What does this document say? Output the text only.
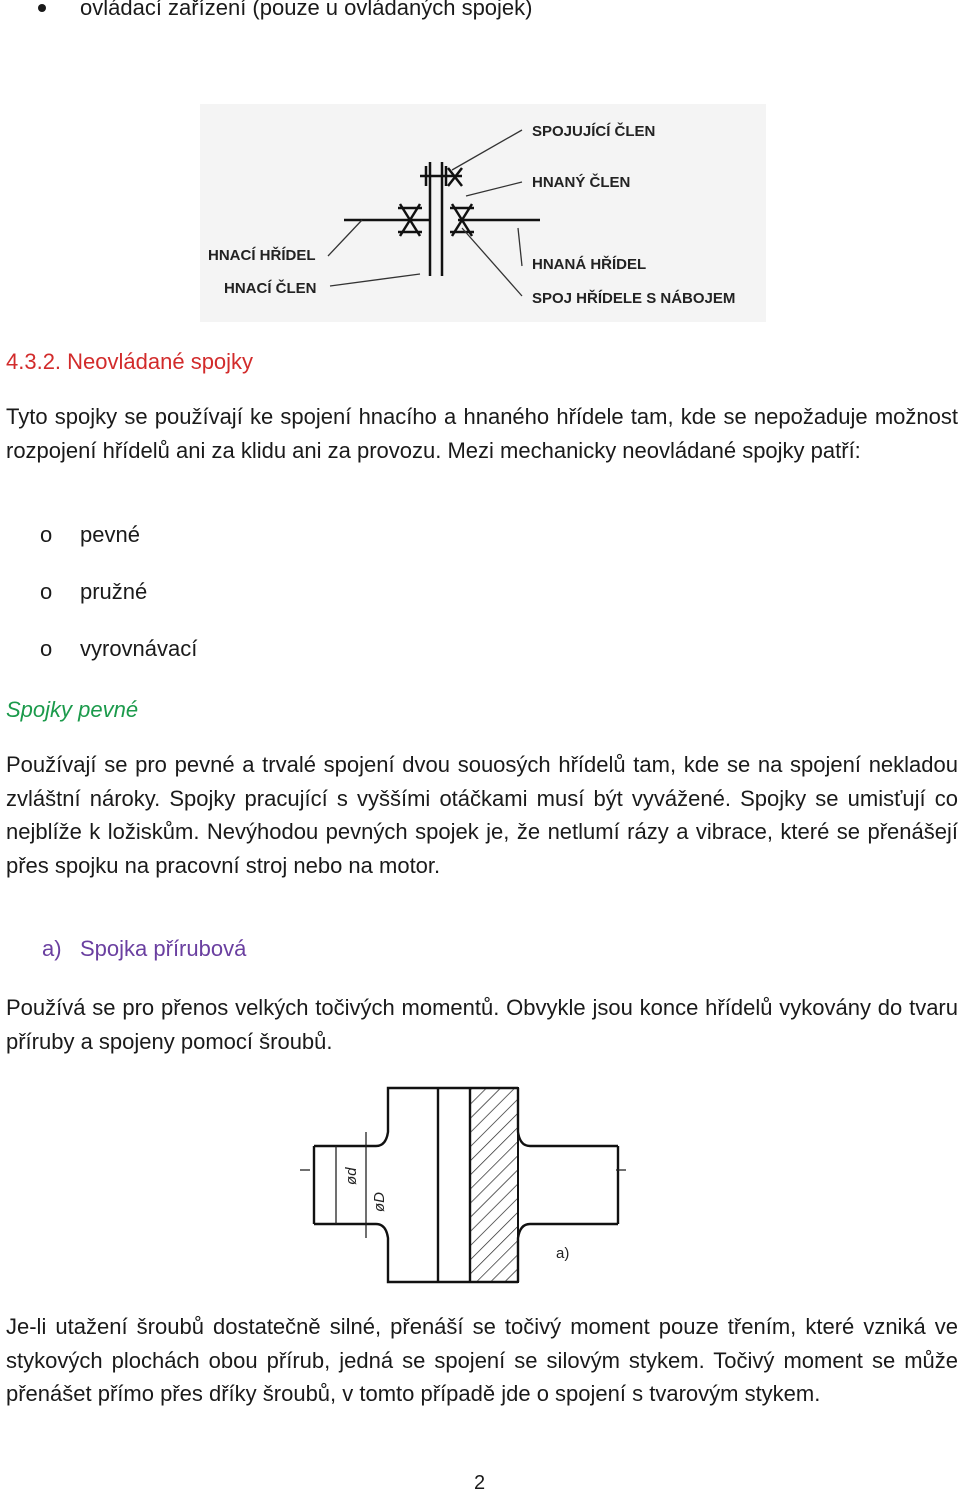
ovládací zařízení (pouze u ovládaných spojek)
SPOJUJÍCÍ ČLEN
HNANÝ ČLEN
HNACÍ HŘÍDEL
HNACÍ ČLEN
HNANÁ HŘÍDEL
SPOJ HŘÍDELE S NÁBOJEM
4.3.2. Neovládané spojky
Tyto spojky se používají ke spojení hnacího a hnaného hřídele tam, kde se nepožaduje možnost rozpojení hřídelů ani za klidu ani za provozu. Mezi mechanicky neovládané spojky patří:
o pevné
o pružné
o vyrovnávací
Spojky pevné
Používají se pro pevné a trvalé spojení dvou souosých hřídelů tam, kde se na spojení nekladou zvláštní nároky. Spojky pracující s vyššími otáčkami musí být vyvážené. Spojky se umisťují co nejblíže k ložiskům. Nevýhodou pevných spojek je, že netlumí rázy a vibrace, které se přenášejí přes spojku na pracovní stroj nebo na motor.
a) Spojka přírubová
Používá se pro přenos velkých točivých momentů. Obvykle jsou konce hřídelů vykovány do tvaru příruby a spojeny pomocí šroubů.
ød
øD
a)
Je-li utažení šroubů dostatečně silné, přenáší se točivý moment pouze třením, které vzniká ve stykových plochách obou přírub, jedná se spojení se silovým stykem. Točivý moment se může přenášet přímo přes dříky šroubů, v tomto případě jde o spojení s tvarovým stykem.
2
